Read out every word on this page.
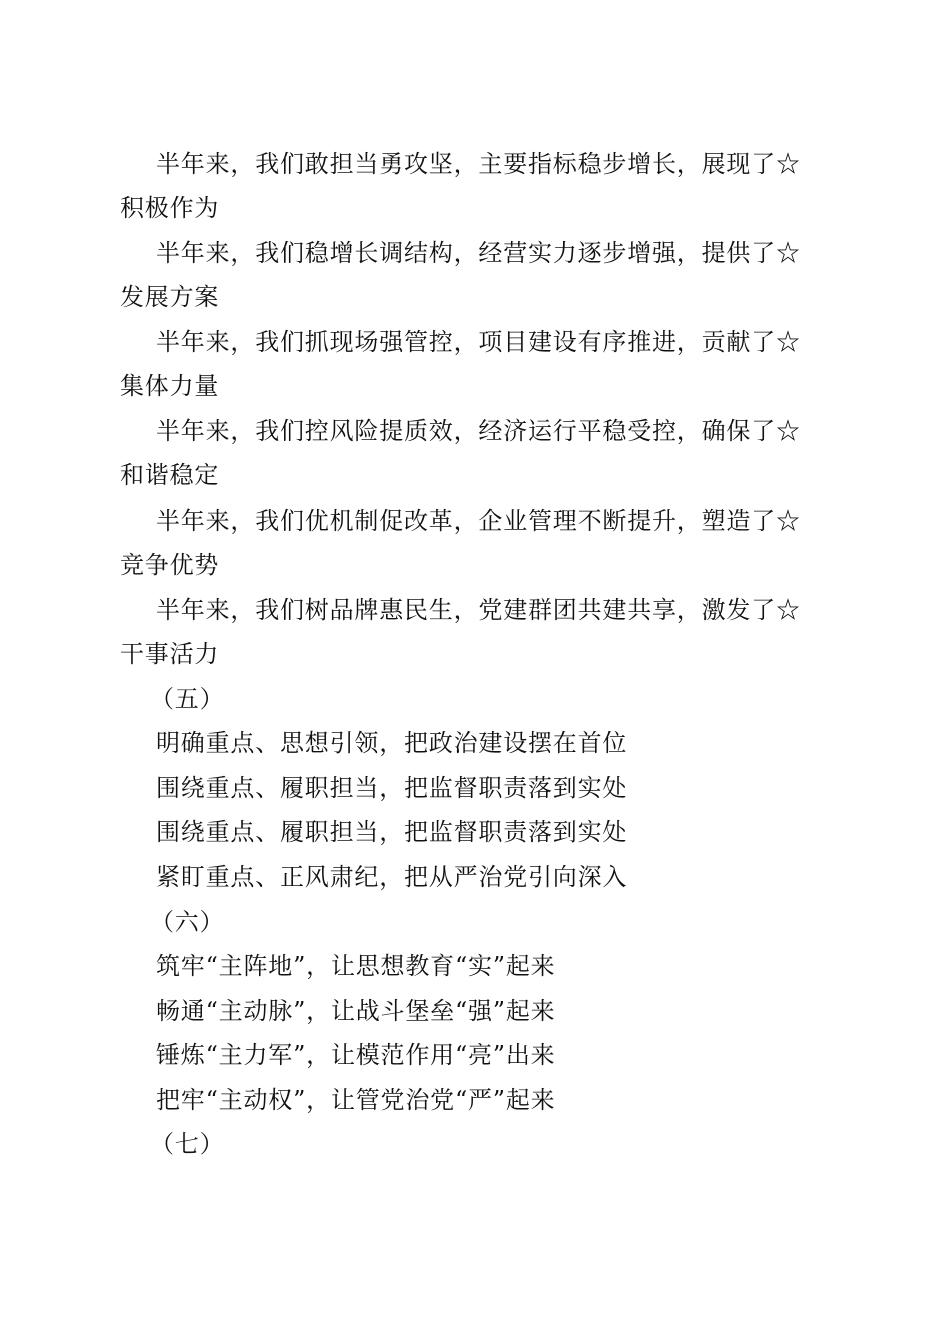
半年来，我们敢担当勇攻坚，主要指标稳步增长，展现了☆
积极作为
半年来，我们稳增长调结构，经营实力逐步增强，提供了☆
发展方案
半年来，我们抓现场强管控，项目建设有序推进，贡献了☆
集体力量
半年来，我们控风险提质效，经济运行平稳受控，确保了☆
和谐稳定
半年来，我们优机制促改革，企业管理不断提升，塑造了☆
竞争优势
半年来，我们树品牌惠民生，党建群团共建共享，激发了☆
干事活力
（五）
明确重点、思想引领，把政治建设摆在首位
围绕重点、履职担当，把监督职责落到实处
围绕重点、履职担当，把监督职责落到实处
紧盯重点、正风肃纪，把从严治党引向深入
（六）
筑牢“主阵地”，让思想教育“实”起来
畅通“主动脉”，让战斗堡垒“强”起来
锤炼“主力军”，让模范作用“亮”出来
把牢“主动权”，让管党治党“严”起来
（七）
